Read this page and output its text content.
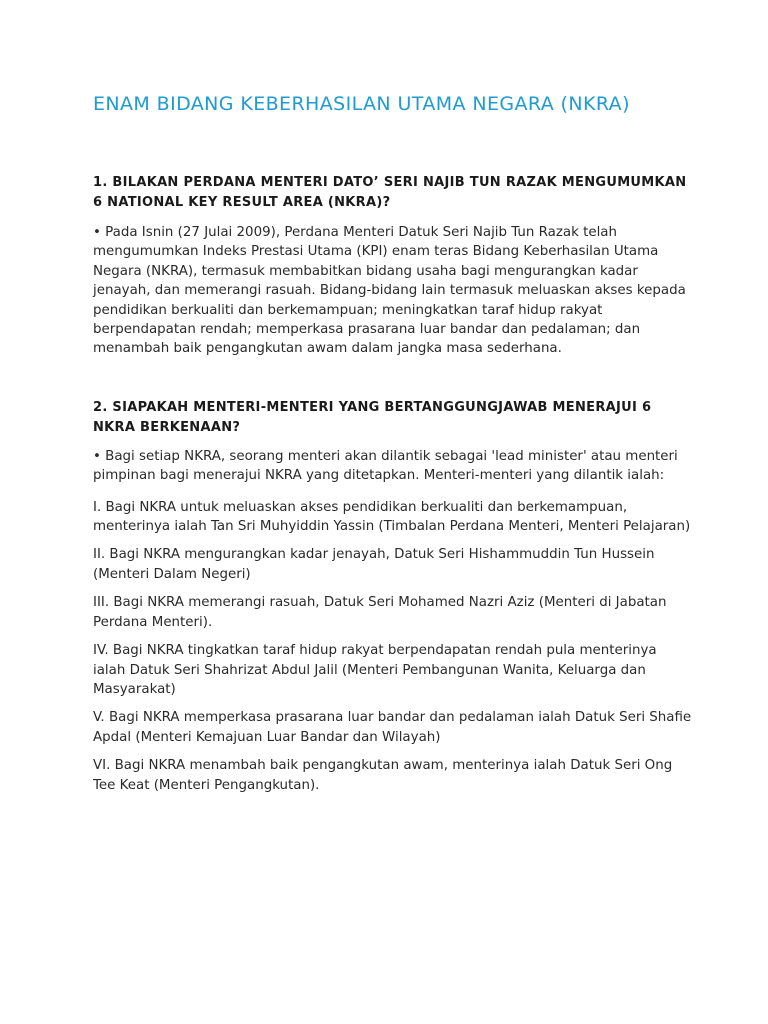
ENAM BIDANG KEBERHASILAN UTAMA NEGARA (NKRA)
1. BILAKAN PERDANA MENTERI DATO’ SERI NAJIB TUN RAZAK MENGUMUMKAN 6 NATIONAL KEY RESULT AREA (NKRA)?

• Pada Isnin (27 Julai 2009), Perdana Menteri Datuk Seri Najib Tun Razak telah mengumumkan Indeks Prestasi Utama (KPI) enam teras Bidang Keberhasilan Utama Negara (NKRA), termasuk membabitkan bidang usaha bagi mengurangkan kadar jenayah, dan memerangi rasuah. Bidang-bidang lain termasuk meluaskan akses kepada pendidikan berkualiti dan berkemampuan; meningkatkan taraf hidup rakyat berpendapatan rendah; memperkasa prasarana luar bandar dan pedalaman; dan menambah baik pengangkutan awam dalam jangka masa sederhana.

2. SIAPAKAH MENTERI-MENTERI YANG BERTANGGUNGJAWAB MENERAJUI 6 NKRA BERKENAAN?

• Bagi setiap NKRA, seorang menteri akan dilantik sebagai 'lead minister' atau menteri pimpinan bagi menerajui NKRA yang ditetapkan. Menteri-menteri yang dilantik ialah:

I. Bagi NKRA untuk meluaskan akses pendidikan berkualiti dan berkemampuan, menterinya ialah Tan Sri Muhyiddin Yassin (Timbalan Perdana Menteri, Menteri Pelajaran)

II. Bagi NKRA mengurangkan kadar jenayah, Datuk Seri Hishammuddin Tun Hussein (Menteri Dalam Negeri)

III. Bagi NKRA memerangi rasuah, Datuk Seri Mohamed Nazri Aziz (Menteri di Jabatan Perdana Menteri).

IV. Bagi NKRA tingkatkan taraf hidup rakyat berpendapatan rendah pula menterinya ialah Datuk Seri Shahrizat Abdul Jalil (Menteri Pembangunan Wanita, Keluarga dan Masyarakat)

V. Bagi NKRA memperkasa prasarana luar bandar dan pedalaman ialah Datuk Seri Shafie Apdal (Menteri Kemajuan Luar Bandar dan Wilayah)

VI. Bagi NKRA menambah baik pengangkutan awam, menterinya ialah Datuk Seri Ong Tee Keat (Menteri Pengangkutan).
